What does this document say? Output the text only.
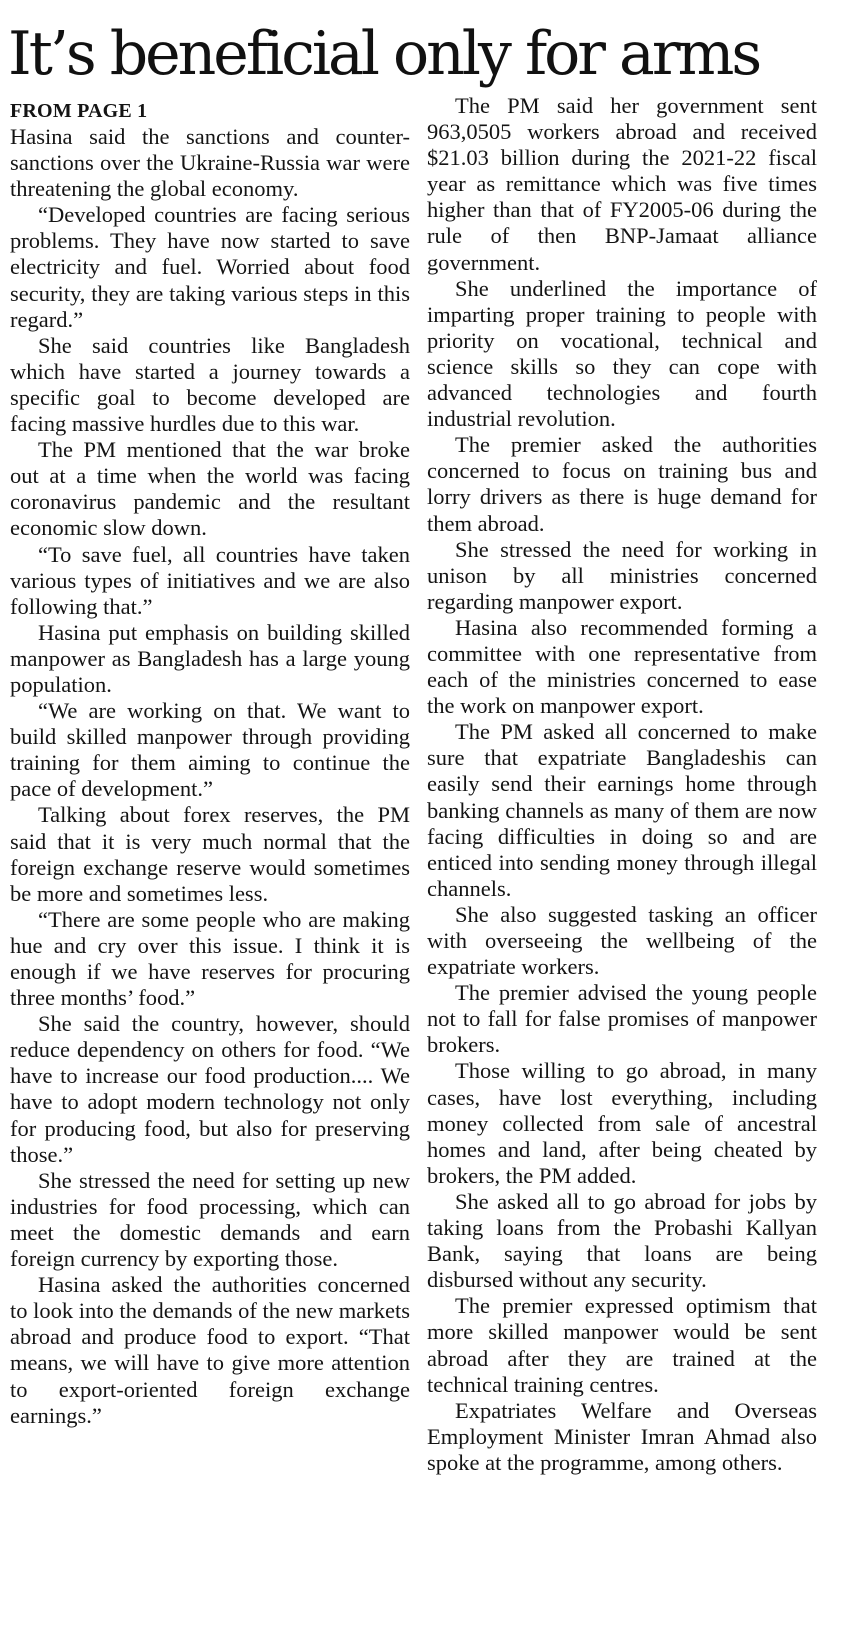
It’s beneficial only for arms
FROM PAGE 1

Hasina said the sanctions and counter-sanctions over the Ukraine-Russia war were threatening the global economy.

“Developed countries are facing serious problems. They have now started to save electricity and fuel. Worried about food security, they are taking various steps in this regard.”

She said countries like Bangladesh which have started a journey towards a specific goal to become developed are facing massive hurdles due to this war.

The PM mentioned that the war broke out at a time when the world was facing coronavirus pandemic and the resultant economic slow down.

“To save fuel, all countries have taken various types of initiatives and we are also following that.”

Hasina put emphasis on building skilled manpower as Bangladesh has a large young population.

“We are working on that. We want to build skilled manpower through providing training for them aiming to continue the pace of development.”

Talking about forex reserves, the PM said that it is very much normal that the foreign exchange reserve would sometimes be more and sometimes less.

“There are some people who are making hue and cry over this issue. I think it is enough if we have reserves for procuring three months’ food.”

She said the country, however, should reduce dependency on others for food. “We have to increase our food production.... We have to adopt modern technology not only for producing food, but also for preserving those.”

She stressed the need for setting up new industries for food processing, which can meet the domestic demands and earn foreign currency by exporting those.

Hasina asked the authorities concerned to look into the demands of the new markets abroad and produce food to export. “That means, we will have to give more attention to export-oriented foreign exchange earnings.”

The PM said her government sent 963,0505 workers abroad and received $21.03 billion during the 2021-22 fiscal year as remittance which was five times higher than that of FY2005-06 during the rule of then BNP-Jamaat alliance government.

She underlined the importance of imparting proper training to people with priority on vocational, technical and science skills so they can cope with advanced technologies and fourth industrial revolution.

The premier asked the authorities concerned to focus on training bus and lorry drivers as there is huge demand for them abroad.

She stressed the need for working in unison by all ministries concerned regarding manpower export.

Hasina also recommended forming a committee with one representative from each of the ministries concerned to ease the work on manpower export.

The PM asked all concerned to make sure that expatriate Bangladeshis can easily send their earnings home through banking channels as many of them are now facing difficulties in doing so and are enticed into sending money through illegal channels.

She also suggested tasking an officer with overseeing the wellbeing of the expatriate workers.

The premier advised the young people not to fall for false promises of manpower brokers.

Those willing to go abroad, in many cases, have lost everything, including money collected from sale of ancestral homes and land, after being cheated by brokers, the PM added.

She asked all to go abroad for jobs by taking loans from the Probashi Kallyan Bank, saying that loans are being disbursed without any security.

The premier expressed optimism that more skilled manpower would be sent abroad after they are trained at the technical training centres.

Expatriates Welfare and Overseas Employment Minister Imran Ahmad also spoke at the programme, among others.
